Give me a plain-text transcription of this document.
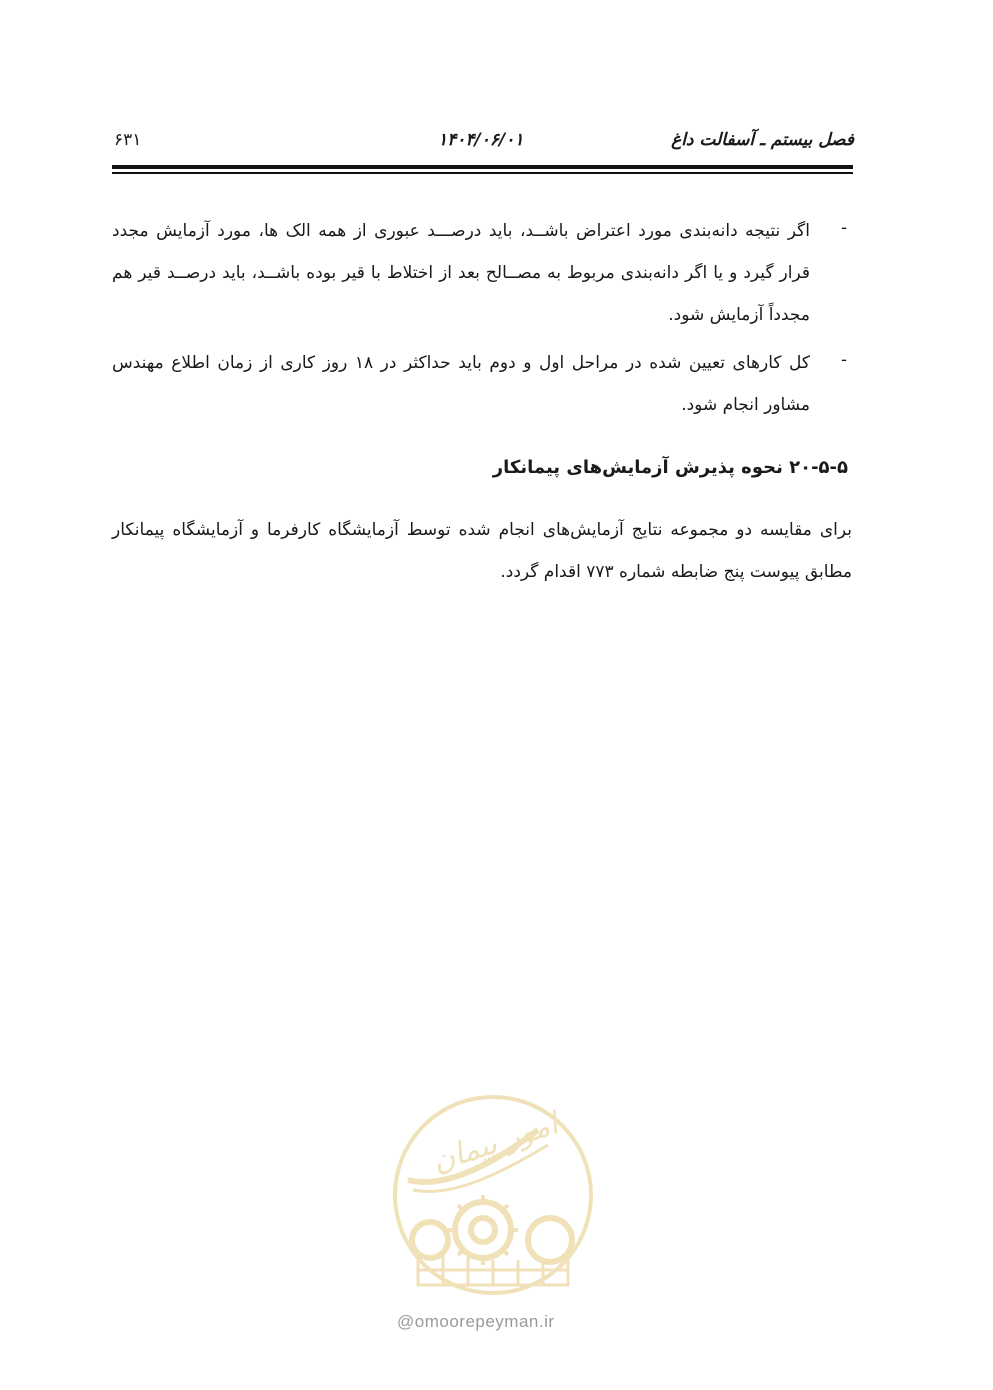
فصل بیستم ـ آسفالت داغ
۱۴۰۴/۰۶/۰۱
۶۳۱
-
اگر نتیجه دانه‌بندی مورد اعتراض باشــد، باید درصـــد عبوری از همه الک ها، مورد آزمایش مجدد قرار گیرد و یا اگر دانه‌بندی مربوط به مصــالح بعد از اختلاط با قیر بوده باشــد، باید درصــد قیر هم مجدداً آزمایش شود.
-
کل کارهای تعیین شده در مراحل اول و دوم باید حداکثر در ۱۸ روز کاری از زمان اطلاع مهندس مشاور انجام شود.
۲۰-۵-۵ نحوه پذیرش آزمایش‌های پیمانکار
برای مقایسه دو مجموعه نتایج آزمایش‌های انجام شده توسط آزمایشگاه کارفرما و آزمایشگاه پیمانکار مطابق پیوست پنج ضابطه شماره ۷۷۳ اقدام گردد.
امور پیمان
@omoorepeyman.ir
